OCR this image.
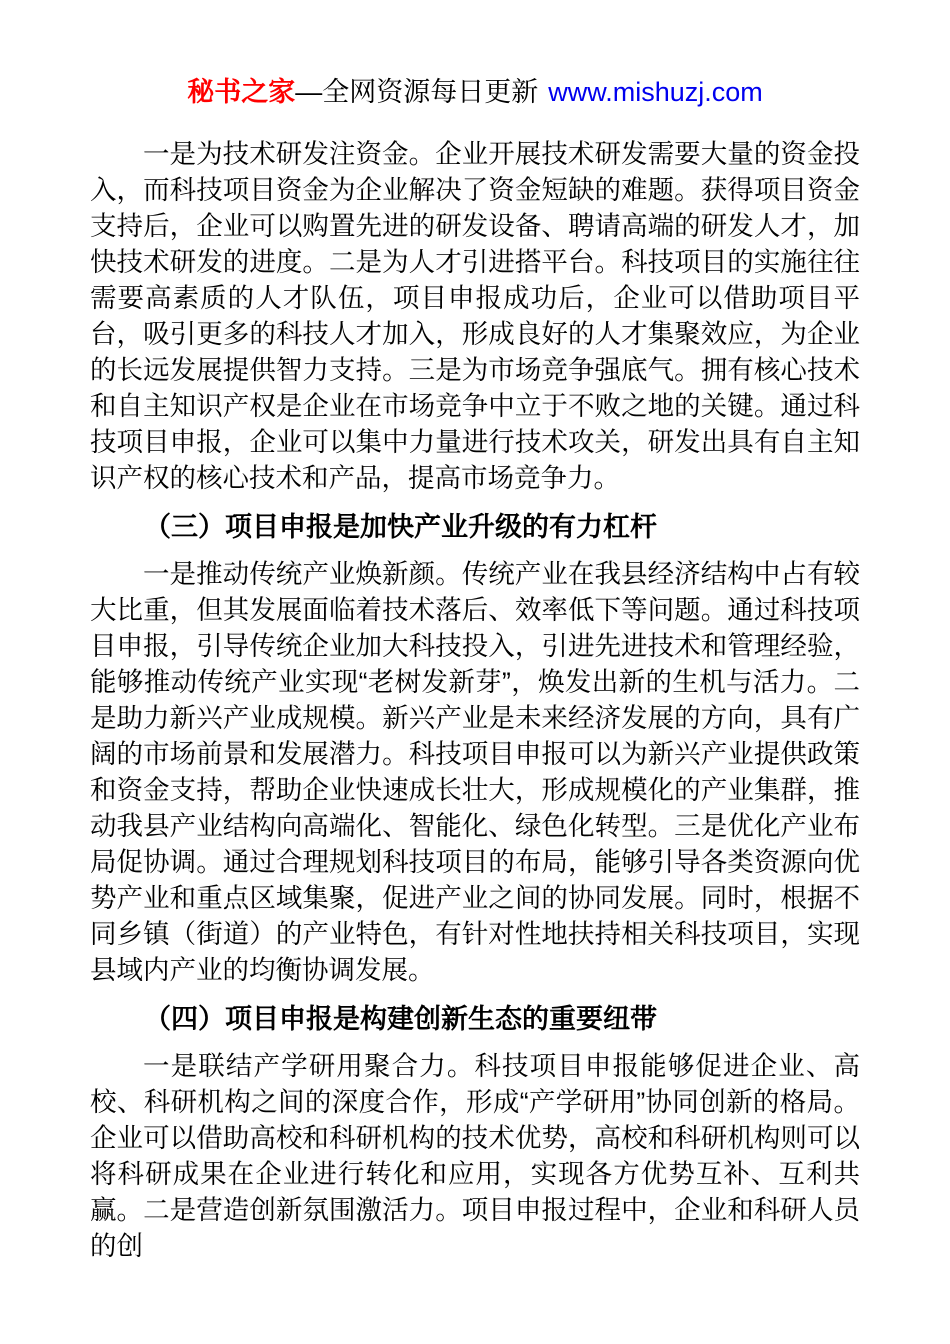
秘书之家—全网资源每日更新 www.mishuzj.com

一是为技术研发注资金。企业开展技术研发需要大量的资金投入，而科技项目资金为企业解决了资金短缺的难题。获得项目资金支持后，企业可以购置先进的研发设备、聘请高端的研发人才，加快技术研发的进度。二是为人才引进搭平台。科技项目的实施往往需要高素质的人才队伍，项目申报成功后，企业可以借助项目平台，吸引更多的科技人才加入，形成良好的人才集聚效应，为企业的长远发展提供智力支持。三是为市场竞争强底气。拥有核心技术和自主知识产权是企业在市场竞争中立于不败之地的关键。通过科技项目申报，企业可以集中力量进行技术攻关，研发出具有自主知识产权的核心技术和产品，提高市场竞争力。

（三）项目申报是加快产业升级的有力杠杆

一是推动传统产业焕新颜。传统产业在我县经济结构中占有较大比重，但其发展面临着技术落后、效率低下等问题。通过科技项目申报，引导传统企业加大科技投入，引进先进技术和管理经验，能够推动传统产业实现“老树发新芽”，焕发出新的生机与活力。二是助力新兴产业成规模。新兴产业是未来经济发展的方向，具有广阔的市场前景和发展潜力。科技项目申报可以为新兴产业提供政策和资金支持，帮助企业快速成长壮大，形成规模化的产业集群，推动我县产业结构向高端化、智能化、绿色化转型。三是优化产业布局促协调。通过合理规划科技项目的布局，能够引导各类资源向优势产业和重点区域集聚，促进产业之间的协同发展。同时，根据不同乡镇（街道）的产业特色，有针对性地扶持相关科技项目，实现县域内产业的均衡协调发展。

（四）项目申报是构建创新生态的重要纽带

一是联结产学研用聚合力。科技项目申报能够促进企业、高校、科研机构之间的深度合作，形成“产学研用”协同创新的格局。企业可以借助高校和科研机构的技术优势，高校和科研机构则可以将科研成果在企业进行转化和应用，实现各方优势互补、互利共赢。二是营造创新氛围激活力。项目申报过程中，企业和科研人员的创
